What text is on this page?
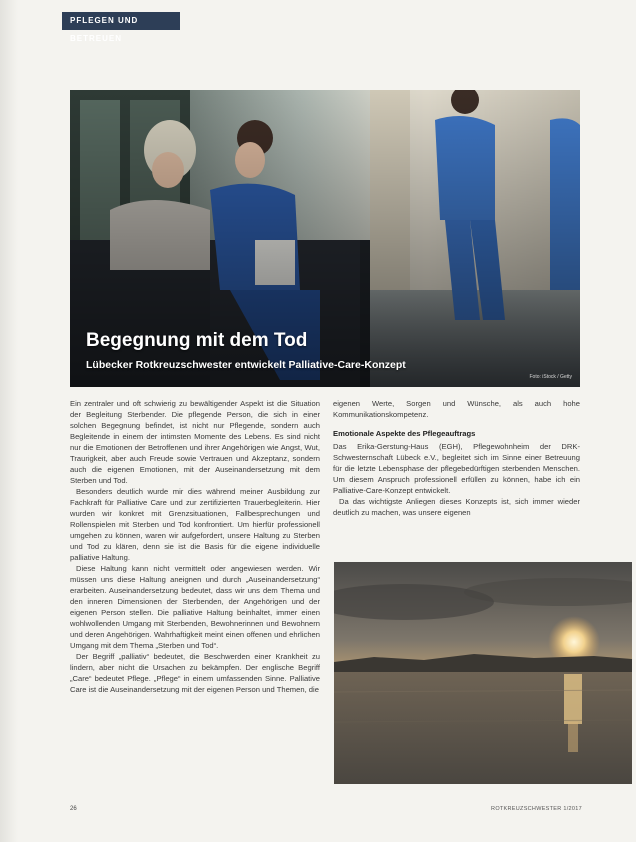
PFLEGEN UND BETREUEN
Begegnung mit dem Tod
Lübecker Rotkreuzschwester entwickelt Palliative-Care-Konzept
Foto: iStock / Getty

Ein zentraler und oft schwierig zu bewältigender Aspekt ist die Situation der Begleitung Sterbender. Die pflegende Person, die sich in einer solchen Begegnung befindet, ist nicht nur Pflegende, sondern auch Begleitende in einem der intimsten Momente des Lebens. Es sind nicht nur die Emotionen der Betroffenen und ihrer Angehörigen wie Angst, Wut, Traurigkeit, aber auch Freude sowie Vertrauen und Akzeptanz, sondern auch die eigenen Emotionen, mit der Auseinandersetzung mit dem Sterben und Tod.

Besonders deutlich wurde mir dies während meiner Ausbildung zur Fachkraft für Palliative Care und zur zertifizierten Trauerbegleiterin. Hier wurden wir konkret mit Grenzsituationen, Fallbesprechungen und Rollenspielen mit Sterben und Tod konfrontiert. Um hierfür professionell umgehen zu können, waren wir aufgefordert, unsere Haltung zu Sterben und Tod zu klären, denn sie ist die Basis für die eigene individuelle palliative Haltung.

Diese Haltung kann nicht vermittelt oder angewiesen werden. Wir müssen uns diese Haltung aneignen und durch „Auseinandersetzung“ erarbeiten. Auseinandersetzung bedeutet, dass wir uns dem Thema und den inneren Dimensionen der Sterbenden, der Angehörigen und der eigenen Person stellen. Die palliative Haltung beinhaltet, immer einen wohlwollenden Umgang mit Sterbenden, Bewohnerinnen und Bewohnern und deren Angehörigen. Wahrhaftigkeit meint einen offenen und ehrlichen Umgang mit dem Thema „Sterben und Tod“.

Der Begriff „palliativ“ bedeutet, die Beschwerden einer Krankheit zu lindern, aber nicht die Ursachen zu bekämpfen. Der englische Begriff „Care“ bedeutet Pflege. „Pflege“ in einem umfassenden Sinne. Palliative Care ist die Auseinandersetzung mit der eigenen Person und Themen, die

eigenen Werte, Sorgen und Wünsche, als auch hohe Kommunikationskompetenz.

Emotionale Aspekte des Pflegeauftrags

Das Erika-Gerstung-Haus (EGH), Pflegewohnheim der DRK-Schwesternschaft Lübeck e.V., begleitet sich im Sinne einer Betreuung für die letzte Lebensphase der pflegebedürftigen sterbenden Menschen. Um diesem Anspruch professionell erfüllen zu können, habe ich ein Palliative-Care-Konzept entwickelt.

Da das wichtigste Anliegen dieses Konzepts ist, sich immer wieder deutlich zu machen, was unsere eigenen

26	ROTKREUZSCHWESTER 1/2017
